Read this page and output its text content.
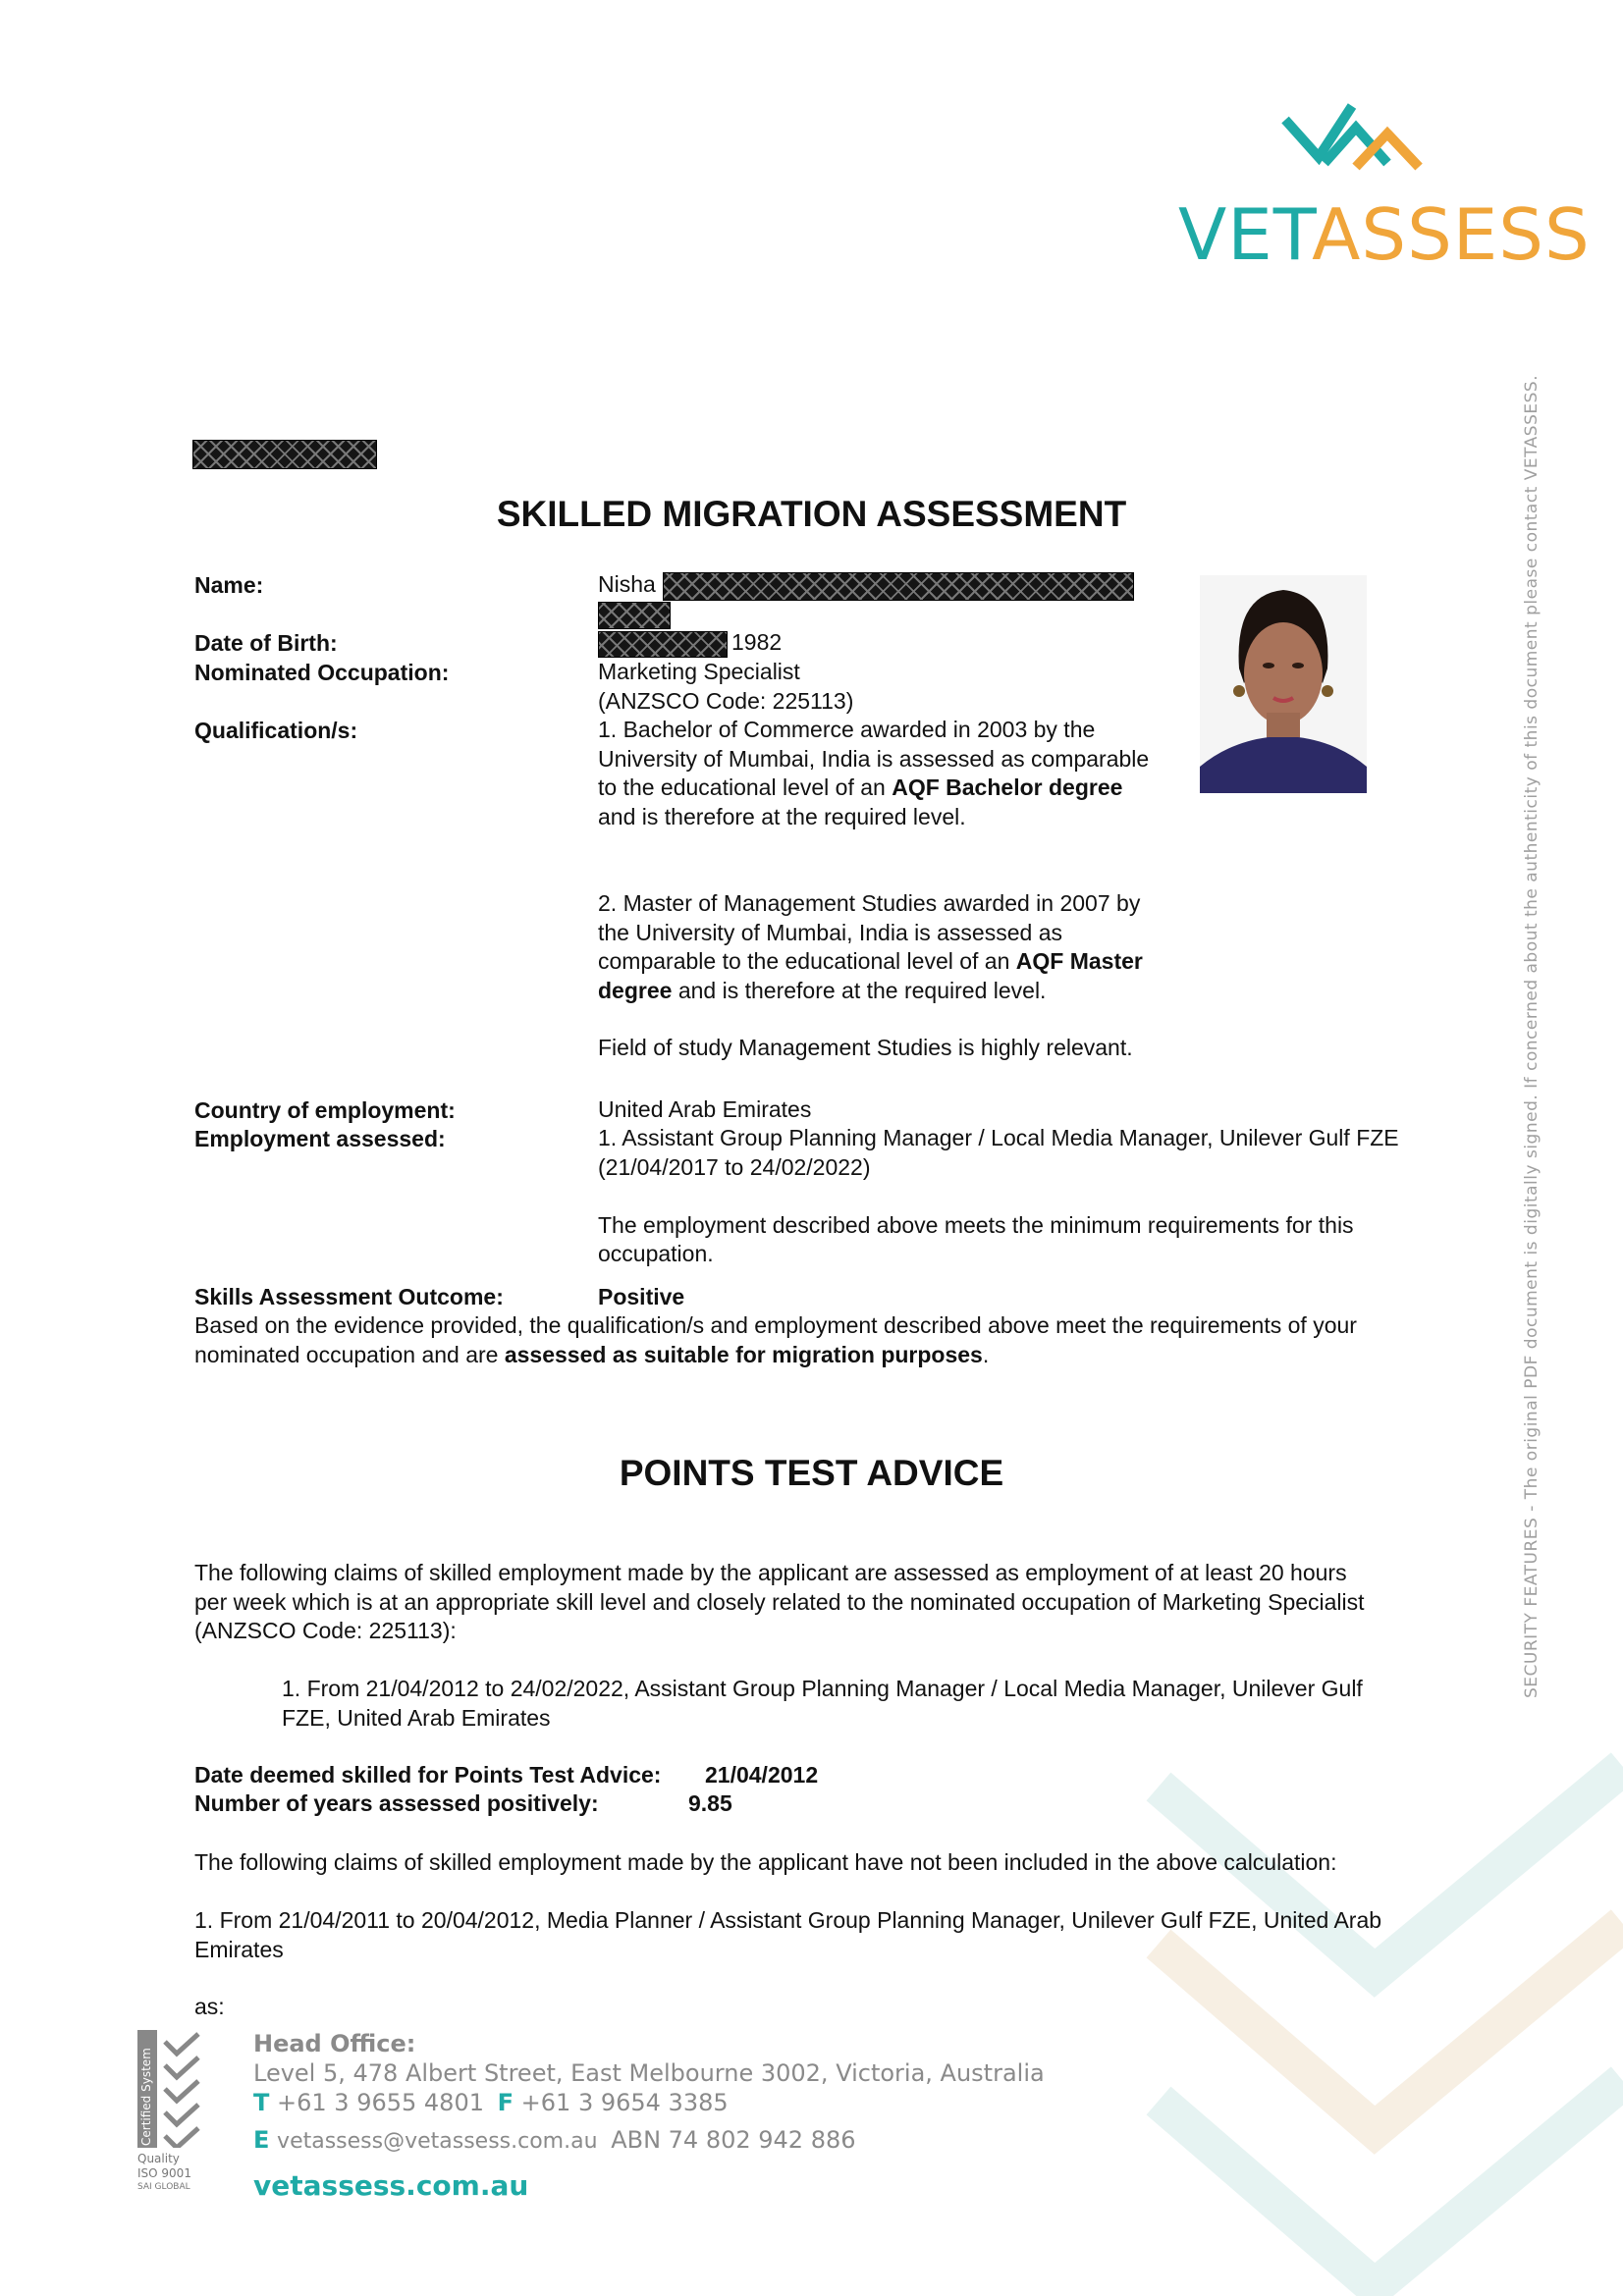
VETASSESS
SECURITY FEATURES - The original PDF document is digitally signed. If concerned about the authenticity of this document please contact VETASSESS.
SKILLED MIGRATION ASSESSMENT
Name:
Date of Birth:
Nominated Occupation:
Qualification/s:
Country of employment:
Employment assessed:
Nisha
1982
Marketing Specialist
(ANZSCO Code: 225113)
1. Bachelor of Commerce awarded in 2003 by the
University of Mumbai, India is assessed as comparable
to the educational level of an AQF Bachelor degree
and is therefore at the required level.
2. Master of Management Studies awarded in 2007 by
the University of Mumbai, India is assessed as
comparable to the educational level of an AQF Master
degree and is therefore at the required level.
Field of study Management Studies is highly relevant.
United Arab Emirates
1. Assistant Group Planning Manager / Local Media Manager, Unilever Gulf FZE
(21/04/2017 to 24/02/2022)
The employment described above meets the minimum requirements for this
occupation.
Skills Assessment Outcome:	Positive
Based on the evidence provided, the qualification/s and employment described above meet the requirements of your
nominated occupation and are assessed as suitable for migration purposes.
POINTS TEST ADVICE
The following claims of skilled employment made by the applicant are assessed as employment of at least 20 hours
per week which is at an appropriate skill level and closely related to the nominated occupation of Marketing Specialist
(ANZSCO Code: 225113):
1. From 21/04/2012 to 24/02/2022, Assistant Group Planning Manager / Local Media Manager, Unilever Gulf
FZE, United Arab Emirates
Date deemed skilled for Points Test Advice: 21/04/2012
Number of years assessed positively:	9.85
The following claims of skilled employment made by the applicant have not been included in the above calculation:
1. From 21/04/2011 to 20/04/2012, Media Planner / Assistant Group Planning Manager, Unilever Gulf FZE, United Arab
Emirates
as:
Certified System
Quality
ISO 9001
SAI GLOBAL
Head Office:
Level 5, 478 Albert Street, East Melbourne 3002, Victoria, Australia
T +61 3 9655 4801 F +61 3 9654 3385
E vetassess@vetassess.com.au ABN 74 802 942 886
vetassess.com.au
